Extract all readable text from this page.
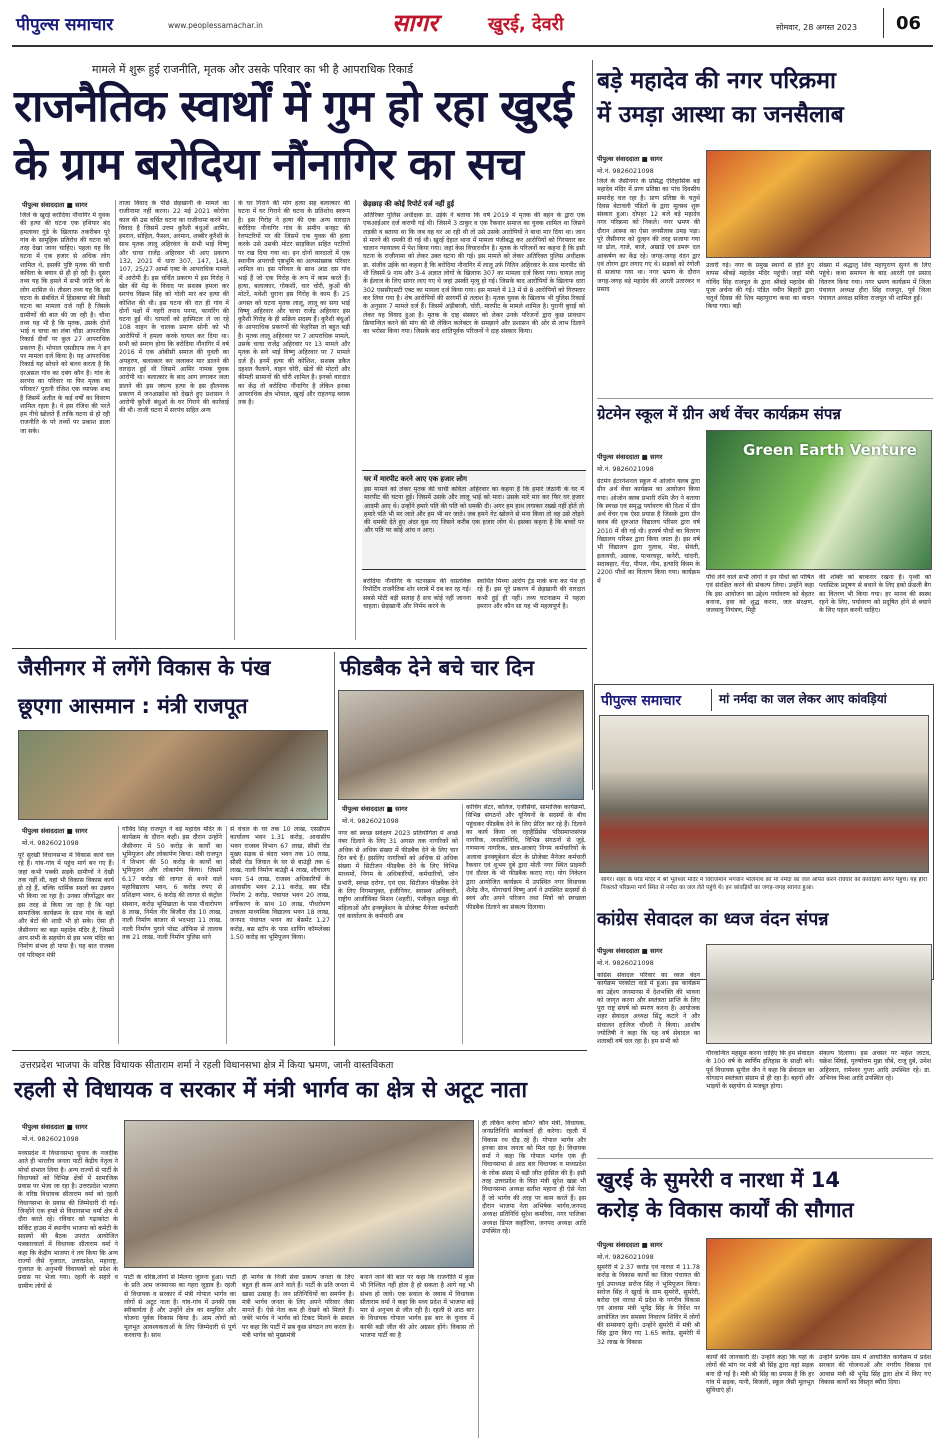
पीपुल्स समाचार	www.peoplessamachar.in	सागर	खुरई, देवरी	सोमवार, 28 अगस्त 2023 06
मामले में शुरू हुई राजनीति, मृतक और उसके परिवार का भी है आपराधिक रिकार्ड
राजनैतिक स्वार्थों में गुम हो रहा खुरई
के ग्राम बरोदिया नौंनागिर का सच
पीपुल्स संवाददाता ■ सागर
जिले के खुरई बरोदिया नौंनागिर में युवक की हत्या की घटना एक हथियार बंद हमलावर गुंडे के खिलाफ तकरीबन पूरे गांव के सामूहिक प्रतिरोध की घटना को तरह देखा जाना चाहिए। पहला यह कि घटना में एक हजार से अधिक लोग शामिल थे, इसकी पुष्टि मृतक की चाची कविता के बयान से ही हो रही है। दूसरा तथ्य यह कि हमले में सभी जाति वर्ग के लोग शामिल थे। तीसरा तथ्य यह कि इस घटना के संबंधित में हिंडाबाघा की किसी घटना का मामला दर्ज नहीं है जिसके ग्रामीणों की बात की जा रही है। चौथा तथ्य यह भी है कि मृतक, उसके दोनों भाई व चाचा का लंबा चौड़ा आपराधिक रिकार्ड दीवाँ पर कुल 27 आपराधिक प्रकरण हैं। भोपाल एसडीएफ तक ने इन पर मामला दर्ज किया है। यह आपराधिक रिकार्ड यह सोचने को बाध्य करता है कि दरअसल गांव का दबंग कौन है। गांव के सरपंच का परिवार या फिर मृतक का परिवार? पुरानी रंजिश एक व्यापक शब्द है जिसमें अतीत के कई वर्षों का विवरण शामिल रहता है। ये इस रंजिश की परतें हम नीचे खोलते हैं ताकि घटना से हो रही राजनीति के परे तथ्यों पर प्रकाश डाला जा सके।
ताजा विवाद के पीछे छेड़खानी के मामले का राजीनामा नहीं करना। 22 मई 2021 कोरोना काल की उस चर्चित घटना का राजीनामा करने का विवाद है जिसमें उत्तम कुरैशी बंधुओं आमिर, इमरान, सोहिल, फैसल, अरमान, शब्बीर कुरैशी के साथ मृतक लालू अहिरवार के सभी भाई विष्णु और चाचा राजेंद्र अहिरवार भी आए प्रकरण 132, 2021 में धारा 307, 147, 148, 107, 25/27 आर्म्स एक्ट के आपराधिक मामले में आरोपी हैं। इस चर्चित प्रकरण में इस गिरोह ने खेत की मेढ़ के विवाद पर सशस्त्र हमला कर सरपंच विक्रम सिंह को गोली मार कर हत्या की कोशिश की थी। इस घटना की रात ही गांव में दोनों पक्षों में गहरी तनाव पनपा, फायरिंग की घटना हुई थी। घायलों को हास्पिटल ले जा रहे 108 वाहन के चालक प्रमाण सोनी को भी आरोपियों ने हमला करके घायल कर दिया था। सभी को स्मरण होगा कि बरोदिया नौंनागिर में वर्ष 2016 में एक ओबीसी समाज की युवती का अपहरण, बलात्कार कर जलाकर मार डालने की वारदात हुई थी जिसमें आमिर नामक युवक आरोपी था। बलात्कार के बाद आग लगाकर जला डालने की इस जघन्य हत्या के इस हौलनाक प्रकरण में जनआक्रोश को देखते हुए प्रशासन ने आरोपी कुरैशी बंधुओं के घर गिराने की कार्रवाई की थी। ताजी घटना में सरपंच सहित अन्य
के घर गिराने की मांग हत्या सह बलात्कार की घटना में घर गिराने की घटना के प्रतिशोध स्वरूप है। इस गिरोह ने हत्या की एक अन्य वारदात बरोदिया नौनागिर गांव के समीप बनहट की रेलपटरियों पर की जिसमें एक युवक की हत्या करके उसे उसकी मोटर साइकिल सहित पटरियों पर रख दिया गया था। इन दोनों वारदातों में एक स्थानीय अपराधी पृष्ठभूमि का अल्पसंख्यक परिवार शामिल था। इस परिवार के साथ आठ दस गांव भाई हैं जो एक गिरोह के रूप में काम करते हैं। हत्या, बलात्कार, गोकशी, चार चोरी, कुओं की मोटरें, मवेशी चुराना इस गिरोह के काम हैं। 25 अगस्त को घटना मृतक लालू, लालू का सगा भाई विष्णु अहिरवार और चाचा राजेंद्र अहिरवार इस कुरैशी गिरोह के ही सक्रिय सदस्य हैं। कुरैशी बंधुओं के आपराधिक प्रकरणों की फेहरिस्त तो बहुत बड़ी है। मृतक लालू अहिरवार पर 7 आपराधिक मामले, उसके चाचा राजेंद्र अहिरवार पर 13 मामले और मृतक के सगे भाई विष्णु अहिरवार पर 7 मामले दर्ज हैं। इनमें हत्या की कोशिश, सशस्त्र डकैत दहशत फैलाने, वाहन चोरी, खेतों की मोटरों और कीमती सामानों की चोरी शामिल है। इनको वारदात का केंद्र तो बरोदिया नौंनागिर है लेकिन इनका आपराधिक क्षेत्र भोपाल, खुरई और राहतगढ़ ब्लाक तक है।
छेड़छाड़ की कोई रिपोर्ट दर्ज नहीं हुई
अतिरिक्त पुलिस अधीक्षक डा. उईके ने बताया कि वर्ष 2019 में मृतक की बहन के द्वारा एक एफआईआर दर्ज करायी गई थी। जिसमें 3 ठाकुर व एक रैकवार समाज का युवक शामिल था जिसने लड़की व बताया था कि जब वह घर आ रही थी तो उसे उसके आरोपियों ने बाधा मार दिया था। जान से मारने की धमकी दी गई थी। खुरई देहात थाना में मामला पंजीबद्ध कर आरोपियों को गिरफ्तार कर चालान न्यायालय में पेश किया गया। जहां केस विचाराधीन है। मृतक के परिजनों का कहना है कि इसी घटना के राजीनामा को लेकर उक्त घटना की गई। इस मामले को लेकर अतिरिक्त पुलिस अधीक्षक डा. संजीव उईके का कहना है कि बरोदिया नौनागिर में लालू उर्फ नितिन अहिरवार के साथ मारपीट की थी जिसमें 9 नाम और 3-4 अज्ञात लोगों के खिलाफ 307 का मामला दर्ज किया गया। घायल लालू के ईलाज के लिए सागर लाए गए थे जहां उसकी मृत्यु हो गई। जिसके बाद आरोपियों के खिलाफ धारा 302 एससीएसटी एक्ट का मामला दर्ज किया गया। इस मामले में 13 में से 8 आरोपियों को गिरफ्तार कर लिया गया है। शेष आरोपियों की सरगर्मी से तलाश है। मृतक युवक के खिलाफ भी पुलिस रिकार्ड के अनुसार 7 मामले दर्ज हैं। जिसमें अड़ीबाजी, चोरी, मारपीट के मामले शामिल है। पुरानी बुराई को लेकर यह विवाद हुआ है। मृतक के दाह संस्कार को लेकर उनके परिजनों द्वारा कुछ प्रावधान क्रियान्वित करने की मांग की थी लेकिन कलेक्टर के समझाने और प्रशासन की ओर से लाभ दिलाने का भरोसा किया गया। जिसके बाद शांतिपूर्वक परिजनों ने दाह संस्कार किया।
घर में मारपीट करने आए एक हजार लोग
इस मामले को लेकर मृतक की चाची कविता अहिरवार का कहना है कि हमारे जेठानी के घर में मारपीट की घटना हुई। जिसमें उसके और लालू भाई को मारा। उसके मारे मार कर फिर घर हजार आदमी आए थे। उन्होंने हमारे पति की पति को धमकी दी। अगर हम हाथ लगाकर रख्खे नहीं होते तो हमारे पति भी मर जाते और हम भी मर जाते। जब हमने गेट खोलने से मना किया तो वह उसे तोड़ने की धमकी देते हुए अंदर घुस गए जिसने करीब एक हजार लोग थे। इसका कहना है कि बच्चों पर और पति पर कोई आंच न आए।
बरोदिया नौंनागिर के घटनाक्रम की वास्तविक रिपोर्टिंग राजनैतिक शोर शराबे में दब कर रह गई। सबसे मोटी बड़ी सलाह है सच कोई नहीं जानना चाहता। छेड़खानी और निर्मम करने के
स्वार्थित मिथ्या आरोप ट्रेंड मार्क बना कर पेश हो रहे हैं। इस पूरे प्रकरण में छेड़खानी की वारदात कभी हुई ही नहीं। तथ्य घटनाक्रम में पहला इमरान और कौन सा यह भी महत्वपूर्ण है।
बड़े महादेव की नगर परिक्रमा
में उमड़ा आस्था का जनसैलाब
पीपुल्स संवाददाता ■ सागर
मो.नं. 9826021098
जिले के जैसीनगर के प्रसिद्ध ऐतिहासिक बड़े महादेव मंदिर में प्राण प्रतिष्ठा का पांच दिवसीय समारोह चल रहा है। प्राण प्रतिष्ठा के चतुर्थ दिवस बेटावली पंडितों के द्वारा मूलस्थ शुरू संस्कार हुआ। दोपहर 12 बजे बड़े महादेव नगर परिक्रमा को निकले। नगर भ्रमण की दौरान आस्था का ऐसा जनसैलाब उमड़ पड़ा। पूरे जैसीनगर को दुल्हन की तरह सजाया गया था ढोल, गाजे, बाजे, अखाड़े एवं डमरू दल आकर्षण का केंद्र रहे। जगह-जगह वंदन द्वार एवं तोरण द्वार लगाए गए थे। सड़कों को रंगोली से सजाया गया था। नगर भ्रमण के दौरान जगह-जगह बड़े महादेव की आरती उतारकर व प्रसाद
उतारी गई। नगर के प्रमुख स्थानों से होते हुए वापस श्रीबड़े महादेव मंदिर पहुंची। जहां मंत्री गोविंद सिंह राजपूत के द्वारा श्रीबड़े महादेव की पूजा अर्चना की गई। पंडित नवीन बिहारी द्वारा चतुर्थ दिवस की शिव महापुराण कथा का वाचन किया गया। बड़ी
संख्या में श्रद्धालु शिव महापुराण सुनने के लिए पहुंचे। कथा समापन के बाद आरती एवं प्रसाद वितरण किया गया। नगर भ्रमण कार्यक्रम में जिला पंचायत अध्यक्ष हीरा सिंह राजपूत, पूर्व जिला पंचायत अध्यक्ष सविता राजपूत भी शामिल हुईं।
ग्रेटमेन स्कूल में ग्रीन अर्थ वेंचर कार्यक्रम संपन्न
पीपुल्स संवाददाता ■ सागर
मो.नं. 9826021098
ग्रेटमेन इंटरनेशनल स्कूल में ओजोन क्लब द्वारा ग्रीन अर्थ वेंचर कार्यक्रम का आयोजन किया गया। ओजोन क्लब प्रभारी रश्मि जैन ने बताया कि स्वच्छ एवं समृद्ध पर्यावरण की दिशा में ग्रीन अर्थ वेंचर एक ऐसा प्रयास है जिसके द्वारा ग्रीन क्लब की शुरुआत विद्यालय परिसर द्वारा वर्ष 2010 में की गई थी। हरवर्ष पौधों का वितरण विद्यालय परिसर द्वारा किया जाता है। इस वर्ष भी विद्यालय द्वारा गुलाब, मेंदा, सेवंती, इलायची, अडरक, पत्थरचट्टा, कनेरी, चांदनी, सदाबहार, गेंदा, पीपल, नीम, इत्यादि किस्म के 2200 पौधों का वितरण किया गया। कार्यक्रम में
Green Earth Venture
पौधे लेने वाले सभी लोगों ने इन पौधों को पोषित एवं संरक्षित करने की संकल्प लिया। उन्होंने कहा कि इस आयोजन का उद्देश्य पर्यावरण को बेहतर बनाना, हवा को शुद्ध करना, जल संरक्षण, जलवायु नियंत्रण, मिट्टी
की शक्ति को बरकरार रखना है। पृथ्वी को प्लास्टिक प्रदूषण से बचाने के लिए इको फ्रेंडली बैग का वितरण भी किया गया। हर मानव की स्वस्थ रहने के लिए, पर्यावरण को प्रदूषित होने से बचाने के लिए पहल करनी चाहिए।
पीपुल्स समाचार	मां नर्मदा का जल लेकर आए कांवड़ियां
सागर। शहर के परेड मंदिर में श्री भूतेश्वर मंदिर में विराजमान भगवान भोलेनाथ को मां नर्मदा का जल अर्पित करने रविवार को कांवड़िया सागर पहुंचे। यह हीरा निकलते परिक्रमा मार्ग स्थित से नर्मदा का जल लेते पहुंचे थे। इन कांवड़ियों का जगह-जगह स्वागत हुआ।
कांग्रेस सेवादल का ध्वज वंदन संपन्न
पीपुल्स संवाददाता ■ सागर
मो.नं. 9826021098
कांग्रेस सेवादल परिवार का ध्वज वंदन कार्यक्रम परकोटा वार्ड में हुआ। इस कार्यक्रम का उद्देश्य जनमानस में देशभक्ति की भावना को जागृत करना और स्वतंत्रता प्राप्ति के लिए पूरा राष्ट्र संघर्ष को स्मरण करना है। आयोजक शहर सेवादल अध्यक्ष सिंटू कटारे ने और संचालन हाजिज चौधरी ने किया। आशीष ज्योतिषी ने कहा कि यह वर्ष सेवादल का शताब्दी वर्ष चल रहा है। हम सभी को
गौरवान्वित महसूस करना चाहिए कि हम सेवादल के 100 वर्ष के स्वर्णिम इतिहास के साक्षी बने। पूर्व विधायक सुनील जैन ने कहा कि सेवादल का योगदान स्वतंत्रता संग्राम से ही रहा है। बहनों और भाइयों के सहयोग से मजबूत होगा।
संकल्प दिलाया। इस अवसर पर महेश जाटव, चक्रेश सिंघई, पुरुषोत्तम मुन्ना चौबे, राजू दुबे, उमेश अहिरवार, रामेश्वर गुप्ता आदि उपस्थित रहे। डा. अभिनव मिश्रा आदि उपस्थित रहे।
खुरई के सुमरेरी व नारधा में 14
करोड़ के विकास कार्यों की सौगात
पीपुल्स संवाददाता ■ सागर
मो.नं. 9826021098
सुमरेरी में 2.37 करोड़ एवं नारधा में 11.78 करोड़ के विकास कार्यों का जिला पंचायत की पूर्व उपाध्यक्ष सरोज सिंह ने भूमिपूजन किया। सरोज सिंह ने खुरई के ग्राम सुमरेरी, सुमरेरी, बरोदा एवं नारधा में प्रदेश के नगरीय विकास एवं आवास मंत्री भूपेंद्र सिंह के निर्देश पर आयोजित जन समस्या निवारण शिविर में लोगों की समस्याएं सुनी। उन्होंने सुमरेरी में मंत्री श्री सिंह द्वारा किए गए 1.65 करोड़, सुमरेरी में 32 लाख के विकास
कार्यों की जानकारी दी। उन्होंने कहा कि यहां के लोगों की मांग पर मंत्री श्री सिंह द्वारा यहां सड़क बना दी गई है। मंत्री श्री सिंह का प्रयास है कि हर गांव में सड़क, पानी, बिजली, स्कूल जैसी मूलभूत सुविधाएं हों।
उन्होंने प्रत्येक ग्राम में आयोजित कार्यक्रम में प्रदेश सरकार की योजनाओं और नगरीय विकास एवं आवास मंत्री श्री भूपेंद्र सिंह द्वारा क्षेत्र में किए गए विकास कार्यों का विस्तृत ब्यौरा दिया।
जैसीनगर में लगेंगे विकास के पंख
छूएगा आसमान : मंत्री राजपूत
पीपुल्स संवाददाता ■ सागर
मो.नं. 9826021098
पूरे सुरखी विधानसभा में विकास कार्य चल रहे हैं। गांव-गांव में पहुंच मार्ग बन गए हैं। जहां कभी पक्की सड़कें ग्रामीणों ने देखी तक नहीं थी, वहां भी विकास विकास कार्य हो रहे हैं, बल्कि धार्मिक स्थलों का उन्नयन भी किया जा रहा है। उनका जीर्णोद्धार कर इस तरह से किया जा रहा है कि यहां सामाजिक कार्यक्रम के साथ गांव के बड़ों और बेटों की शादी भी हो सके। ऐसा ही जैसीनगर का बड़ा महादेव मंदिर है, जिसमें आप सभी के सहयोग से इस भव्य मंदिर का निर्माण संभव हो पाया है। यह बात राजस्व एवं परिवहन मंत्री
गोविंद सिंह राजपूत ने बड़े महादेव मंदिर के कार्यक्रम के दौरान कही। इस दौरान उन्होंने जैसीनगर में 50 करोड़ के कार्यों का भूमिपूजन और लोकार्पण किया। मंत्री राजपूत ने विभाग की 50 करोड़ के कार्यों का भूमिपूजन और लोकार्पण किया। जिसमें 6.17 करोड़ की लागत से बनने वाले महाविद्यालय भवन, 6 करोड़ रुपए से प्रशिक्षण भवन, 6 करोड़ की लागत से कंट्रोल संस्थान, करोड़ भूमिखाता के पास पौधारोपण 8 लाख, निर्मल नीर बिजौरा रोड 10 लाख, नाली निर्माण बाजार से भदभदा 11 लाख, नाली निर्माण पुराने पोस्ट ऑफिस से तालाब तक 21 लाख, नाली निर्माण पुलिस थाने
से चंचल के घर तक 10 लाख, एसडीएम कार्यालय भवन 1.31 करोड़, आवासीय भवन राजस्व विभाग 67 लाख, सीसी रोड मुख्य सड़क से बंदरा भवन तक 10 लाख, सीसी रोड जिवात के घर से बाउंड्री तक 6 लाख, नाली निर्माण बाउंड्री 4 लाख, शौचालय भवन 54 लाख, राजस्व अधिकारियों के आवासीय भवन 2.11 करोड़, बस स्टैंड निर्माण 2 करोड़, पंचायत भवन 20 लाख, वर्गीकरण के साथ 10 लाख, पौधरोपण उच्चतर माध्यमिक विद्यालय भवन 18 लाख, जनपद पंचायत भवन का बेसमेंट 1.27 करोड़, बस स्टॉप के पास शापिंग कॉम्प्लेक्स 1.50 करोड़ का भूमिपूजन किया।
फीडबैक देने बचे चार दिन
पीपुल्स संवाददाता ■ सागर
मो.नं. 9826021098
नगर को स्वच्छ सर्वेक्षण 2023 प्रतियोगिता में अच्छे नंबर दिलाने के लिए 31 अगस्त तक नागरिकों को अधिक से अधिक संख्या में फीडबैक देने के लिए चार दिन बचे हैं। इसलिए नागरिकों को अधिक से अधिक संख्या में सिटीजन फीडबैक देने के लिए विभिन्न माध्यमों, निगम के अधिकारियों, कर्मचारियों, जोन प्रभारी, स्वच्छ दरोगा, एवं एस. सिटीजन फीडबैक देने के लिए निगमायुक्त, इंजीनियर, स्वास्थ्य अधिकारी, राष्ट्रीय आजीविका मिशन (शहरी), पंजीकृत समूह की महिलाओं और इन्क्यूबेशन के प्रोजेक्ट मैनेजर कर्मचारी एवं कार्यालय के कर्मचारी अब
कोचिंग सेंटर, कॉलेज, एजेंसियों, सामाजिक कार्यक्रमों, विभिन्न संगठनों और यूनियनों के सदस्यों के बीच पहुंचकर फीडबैक देने के लिए प्रेरित कर रहे हैं। दिलाने का कार्य किया जा रहाहैप्रिंसेस परिसमाप्तसंपन्न नागरिक, जनप्रतिनिधि, विभिन्न संगठनों से जुड़े, गणमान्य नागरिक, छात्र-छात्राएं निगम कर्मचारियों के अलावा इनक्यूबेशन सेंटर के प्रोजेक्ट मैनेजर कर्मचारी रैकवार एवं शुभम दुबे द्वारा मोती नगर स्थित प्राइमरी एवं दौलत के भी फीडबैक कराए गए। योग निकेतन द्वारा आयोजित कार्यक्रम में उपस्थित नगर विधायक शैलेंद्र जैन, योगाचार्य विष्णु आर्य ने उपस्थित सदस्यों से स्वयं और अपने परिजन तथा मित्रों को स्वच्छता फीडबैक दिलाने का संकल्प दिलाया।
उत्तरप्रदेश भाजपा के वरिष्ठ विधायक सीताराम शर्मा ने रहली विधानसभा क्षेत्र में किया भ्रमण, जानी वास्तविकता
रहली से विधायक व सरकार में मंत्री भार्गव का क्षेत्र से अटूट नाता
पीपुल्स संवाददाता ■ सागर
मो.नं. 9826021098
मध्यप्रदेश में विधानसभा चुनाव के नजदीक आते ही भारतीय जनता पार्टी केंद्रीय नेतृत्व ने मोर्चा संभाल लिया है। अन्य राज्यों से पार्टी के विधायकों को विभिन्न क्षेत्रों में सामाजिक प्रवास पर भेजा जा रहा है। उत्तरप्रदेश भाजपा के वरिष्ठ विधायक सीताराम वर्मा को रहली विधानसभा के प्रवास की जिम्मेदारी दी गई। जिन्होंने एक हफ्ते से विधानसभा वर्मा क्षेत्र में दौरा करते रहे। रविवार को गढ़ाकोटा के सर्किट हाउस में स्थानीय भाजपा को कमेटी के सदस्यों की बैठक उपरांत आयोजित पत्रकारवार्ता में विधायक सीताराम वर्मा ने कहा कि केंद्रीय भाजपा ने तय किया कि अन्य राज्यों जैसे गुजरात, उत्तरप्रदेश, महाराष्ट्र, गुजरात के अनुभवी विधायकों को प्रदेश के प्रवास पर भेजा गया। रहली के सहारे व ग्रामीण लोगों से
पार्टी के वरिष्ठ,लोगों से मिलना जुलना हुआ। पार्टी के प्रति आम जनमानस का गहरा जुड़ाव है। रहली से विधायक व सरकार में मंत्री गोपाल भार्गव का लोगों से अटूट नाता है। गांव-गांव में उनकी एक स्वीकार्यता है और उन्होंने क्षेत्र का समुचित और योजना पूर्वक विकास किया है। आम लोगों को मूलभूत आवश्यकताओं के लिए जिम्मेदारी से पूर्ण करवाया है। साथ
ही भार्गव के निजी सेवा प्रकल्प जनता के लिए बहुत ही काम आने वाले हैं। पार्टी के प्रति जनता में खासा उत्साह है। जन प्रतिनिधियों का समर्पण है। मंत्री भार्गव जनता के लिए अपने परिवार जैसा मानते हैं। ऐसे नेता कम ही देखने को मिलते हैं। जबेरे भार्गव ने भार्गव को टिकट मिलने के सवाल पर कहा कि पार्टी में सब कुछ संगठन तय करता है। मंत्री भार्गव को मुख्यमंत्री
बनाने जाने की बात पर कहा कि राजनीति में कुछ भी निश्चित नहीं होता है हो सकता है आगे यह भी संभव हो जाये। एक सवाल के जवाब में विधायक सीताराम वर्मा ने कहा कि मध्य प्रदेश में भाजपा बड़े मार से अनुभव से जीत रही है। रहली से आठ बार के विधायक गोपाल भार्गव इस बार के चुनाव में काफी बड़ी जीत की ओर अग्रसर होंगे। विकास तो भाजपा पार्टी का है
ही लेकिन करेगा कौन? कौन मंत्री, विधायक, जनप्रतिनिधि कार्यकर्ता ही करेगा। रहली में विकास रथ दौड़ रहे हैं। गोपाल भार्गव और इनका साथ जनता को मिल रहा है। विधायक वर्मा ने कहा कि गोपाल भार्गव एक ही विधानसभा से आठ बार विधायक व मध्यप्रदेश के लोक संसद में बड़ी जीत हासिल की है। इसी तरह उत्तरप्रदेश के विदा मंत्री सुरेश खन्ना भी विधानसभा अध्यक्ष सतीश महाना ही ऐसे नेता हैं जो भार्गव की तरह पर काम करते हैं। इस दौरान भाजपा नेता अभिषेक भार्गव,जनपद अध्यक्ष प्रतिनिधि सुरेश कमरिया, नगर पालिका अध्यक्ष डिंपल कहाॅरिया, जनपद अध्यक्ष आदि उपस्थित रहे।
